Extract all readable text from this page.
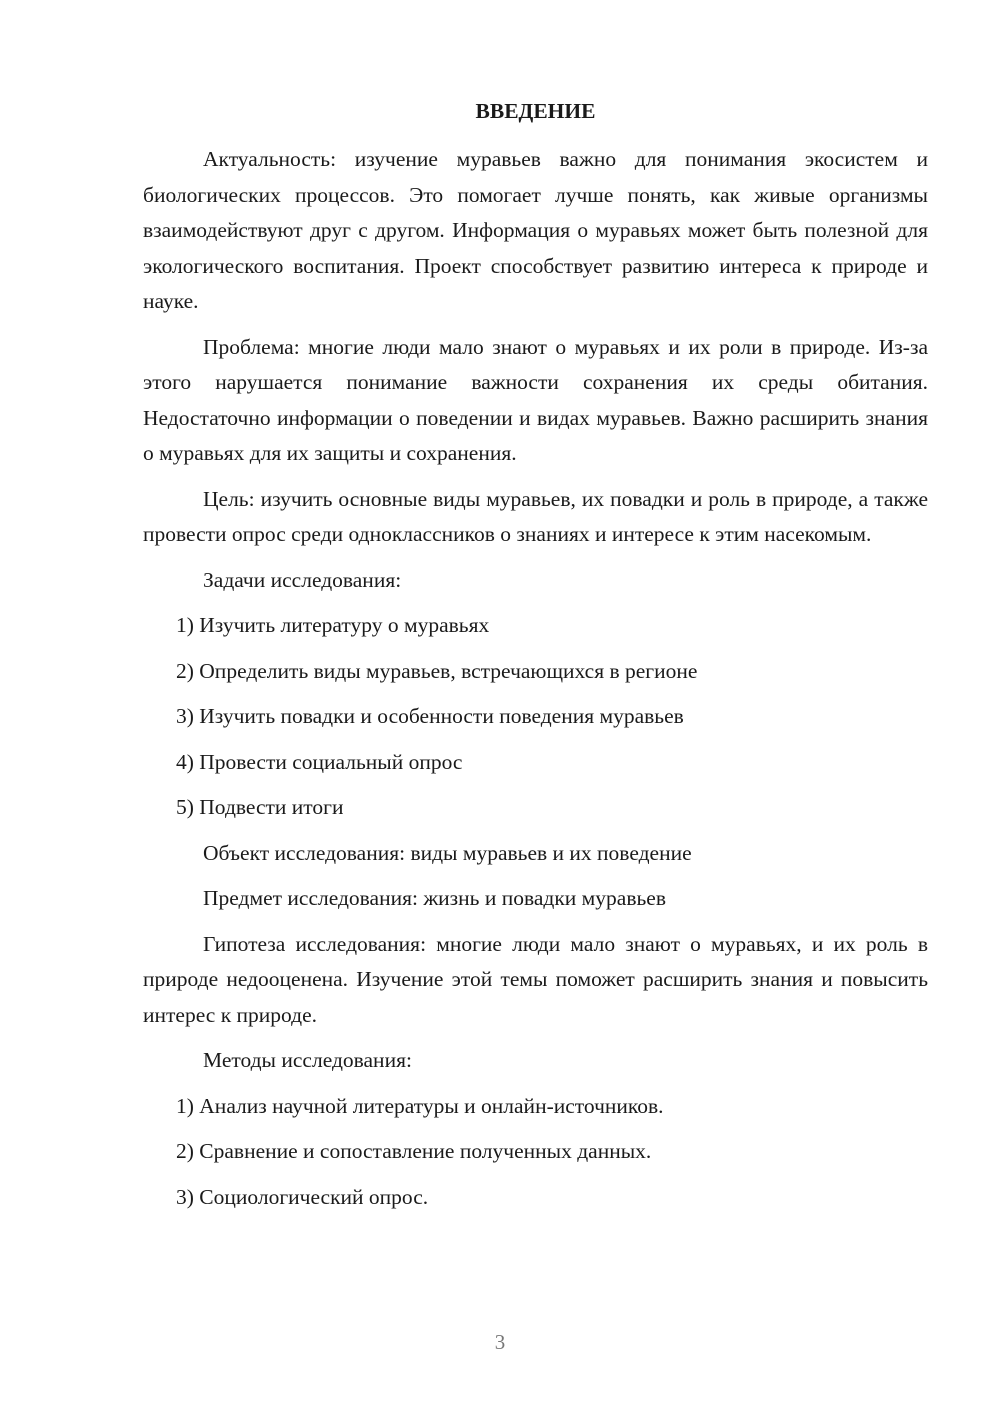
ВВЕДЕНИЕ

Актуальность: изучение муравьев важно для понимания экосистем и биологических процессов. Это помогает лучше понять, как живые организмы взаимодействуют друг с другом. Информация о муравьях может быть полезной для экологического воспитания. Проект способствует развитию интереса к природе и науке.

Проблема: многие люди мало знают о муравьях и их роли в природе. Из-за этого нарушается понимание важности сохранения их среды обитания. Недостаточно информации о поведении и видах муравьев. Важно расширить знания о муравьях для их защиты и сохранения.

Цель: изучить основные виды муравьев, их повадки и роль в природе, а также провести опрос среди одноклассников о знаниях и интересе к этим насекомым.

Задачи исследования:
1) Изучить литературу о муравьях
2) Определить виды муравьев, встречающихся в регионе
3) Изучить повадки и особенности поведения муравьев
4) Провести социальный опрос
5) Подвести итоги
Объект исследования: виды муравьев и их поведение
Предмет исследования: жизнь и повадки муравьев

Гипотеза исследования: многие люди мало знают о муравьях, и их роль в природе недооценена. Изучение этой темы поможет расширить знания и повысить интерес к природе.

Методы исследования:
1) Анализ научной литературы и онлайн-источников.
2) Сравнение и сопоставление полученных данных.
3) Социологический опрос.
3
